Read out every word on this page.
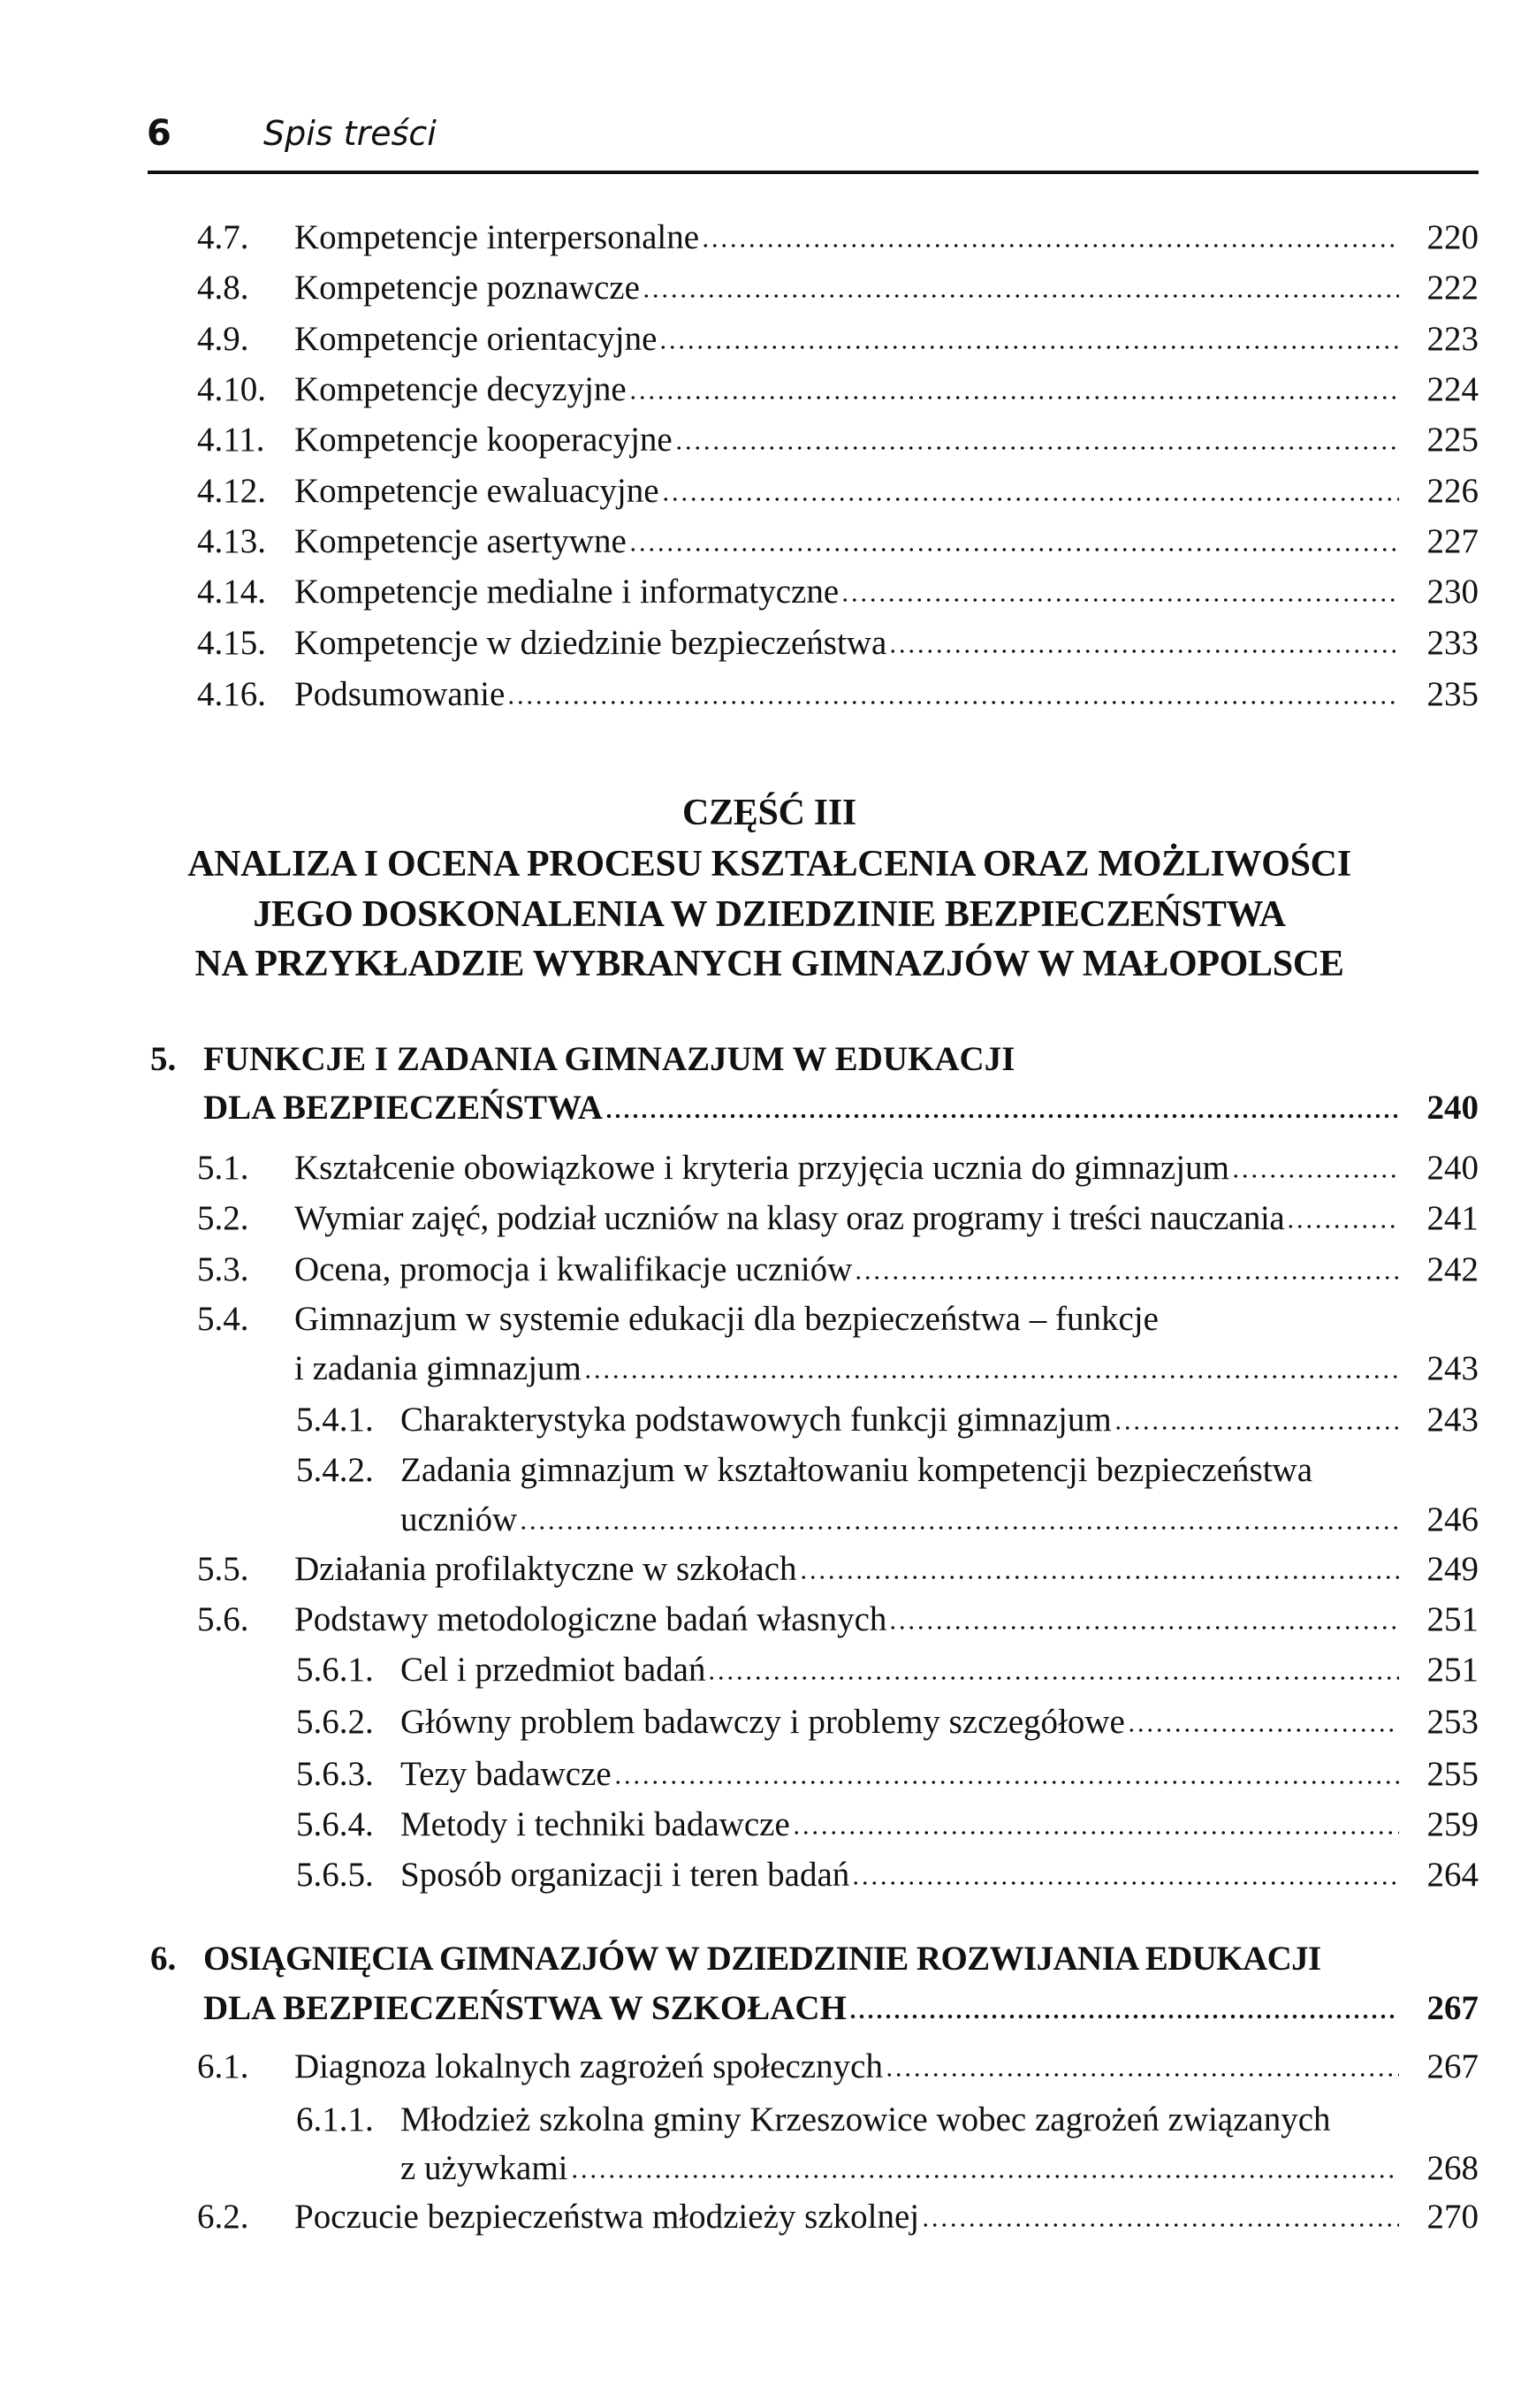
6	Spis treści
4.7.	Kompetencje interpersonalne	220
4.8.	Kompetencje poznawcze	222
4.9.	Kompetencje orientacyjne	223
4.10. Kompetencje decyzyjne	224
4.11. Kompetencje kooperacyjne	225
4.12. Kompetencje ewaluacyjne	226
4.13. Kompetencje asertywne	227
4.14. Kompetencje medialne i informatyczne	230
4.15. Kompetencje w dziedzinie bezpieczeństwa	233
4.16. Podsumowanie	235
CZĘŚĆ III
ANALIZA I OCENA PROCESU KSZTAŁCENIA ORAZ MOŻLIWOŚCI
JEGO DOSKONALENIA W DZIEDZINIE BEZPIECZEŃSTWA
NA PRZYKŁADZIE WYBRANYCH GIMNAZJÓW W MAŁOPOLSCE
5. FUNKCJE I ZADANIA GIMNAZJUM W EDUKACJI
DLA BEZPIECZEŃSTWA	240
5.1.	Kształcenie obowiązkowe i kryteria przyjęcia ucznia do gimnazjum	240
5.2.	Wymiar zajęć, podział uczniów na klasy oraz programy i treści nauczania	241
5.3.	Ocena, promocja i kwalifikacje uczniów	242
5.4.	Gimnazjum w systemie edukacji dla bezpieczeństwa – funkcje
i zadania gimnazjum	243
5.4.1. Charakterystyka podstawowych funkcji gimnazjum	243
5.4.2. Zadania gimnazjum w kształtowaniu kompetencji bezpieczeństwa
uczniów	246
5.5.	Działania profilaktyczne w szkołach	249
5.6.	Podstawy metodologiczne badań własnych	251
5.6.1. Cel i przedmiot badań	251
5.6.2. Główny problem badawczy i problemy szczegółowe	253
5.6.3. Tezy badawcze	255
5.6.4. Metody i techniki badawcze	259
5.6.5. Sposób organizacji i teren badań	264
6. OSIĄGNIĘCIA GIMNAZJÓW W DZIEDZINIE ROZWIJANIA EDUKACJI
DLA BEZPIECZEŃSTWA W SZKOŁACH	267
6.1.	Diagnoza lokalnych zagrożeń społecznych	267
6.1.1. Młodzież szkolna gminy Krzeszowice wobec zagrożeń związanych
z używkami	268
6.2.	Poczucie bezpieczeństwa młodzieży szkolnej	270
